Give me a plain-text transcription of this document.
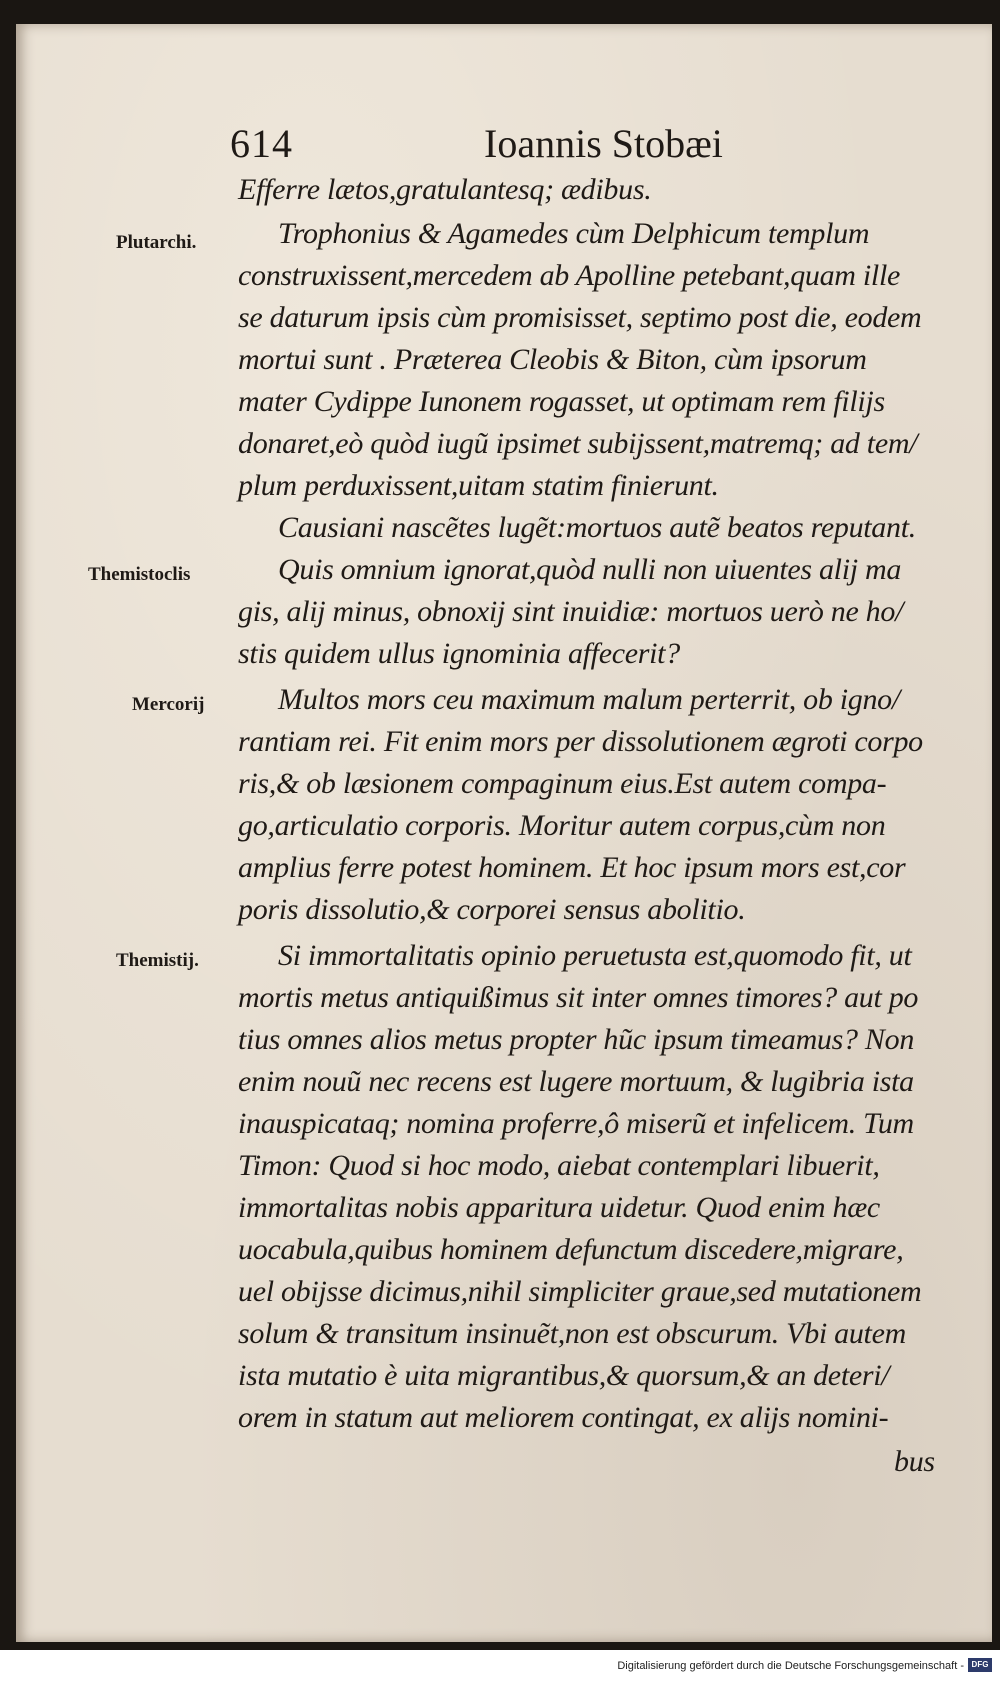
614	Ioannis Stobæi
Plutarchi.
Themistoclis
Mercorij
Themistij.
Efferre lætos,gratulantesq; ædibus.
Trophonius & Agamedes cùm Delphicum templum
construxissent,mercedem ab Apolline petebant,quam ille
se daturum ipsis cùm promisisset, septimo post die, eodem
mortui sunt . Præterea Cleobis & Biton, cùm ipsorum
mater Cydippe Iunonem rogasset, ut optimam rem filijs
donaret,eò quòd iugũ ipsimet subijssent,matremq; ad tem/
plum perduxissent,uitam statim finierunt.
Causiani nascẽtes lugẽt:mortuos autẽ beatos reputant.
Quis omnium ignorat,quòd nulli non uiuentes alij ma
gis, alij minus, obnoxij sint inuidiæ: mortuos uerò ne ho/
stis quidem ullus ignominia affecerit?
Multos mors ceu maximum malum perterrit, ob igno/
rantiam rei. Fit enim mors per dissolutionem ægroti corpo
ris,& ob læsionem compaginum eius.Est autem compa-
go,articulatio corporis. Moritur autem corpus,cùm non
amplius ferre potest hominem. Et hoc ipsum mors est,cor
poris dissolutio,& corporei sensus abolitio.
Si immortalitatis opinio peruetusta est,quomodo fit, ut
mortis metus antiquißimus sit inter omnes timores? aut po
tius omnes alios metus propter hũc ipsum timeamus? Non
enim nouũ nec recens est lugere mortuum, & lugibria ista
inauspicataq; nomina proferre,ô miserũ et infelicem. Tum
Timon: Quod si hoc modo, aiebat contemplari libuerit,
immortalitas nobis apparitura uidetur. Quod enim hæc
uocabula,quibus hominem defunctum discedere,migrare,
uel obijsse dicimus,nihil simpliciter graue,sed mutationem
solum & transitum insinuẽt,non est obscurum. Vbi autem
ista mutatio è uita migrantibus,& quorsum,& an deteri/
orem in statum aut meliorem contingat, ex alijs nomini-
bus
Digitalisierung gefördert durch die Deutsche Forschungsgemeinschaft - DFG
